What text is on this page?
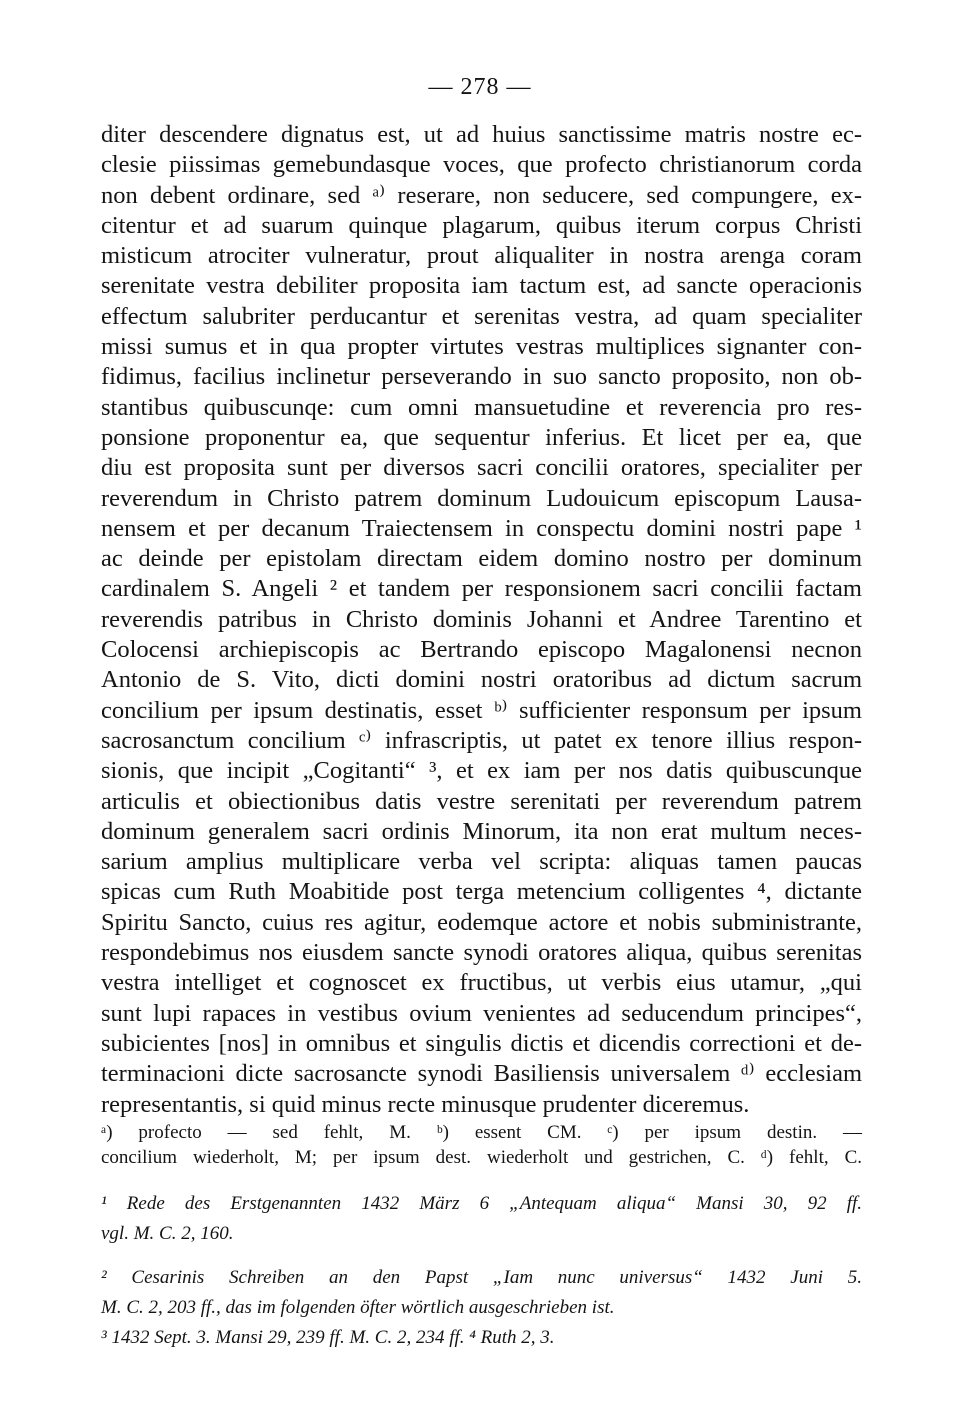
— 278 —
diter descendere dignatus est, ut ad huius sanctissime matris nostre ec-
clesie piissimas gemebundasque voces, que profecto christianorum corda
non debent ordinare, sed ᵃ⁾ reserare, non seducere, sed compungere, ex-
citentur et ad suarum quinque plagarum, quibus iterum corpus Christi
misticum atrociter vulneratur, prout aliqualiter in nostra arenga coram
serenitate vestra debiliter proposita iam tactum est, ad sancte operacionis
effectum salubriter perducantur et serenitas vestra, ad quam specialiter
missi sumus et in qua propter virtutes vestras multiplices signanter con-
fidimus, facilius inclinetur perseverando in suo sancto proposito, non ob-
stantibus quibuscunqe: cum omni mansuetudine et reverencia pro res-
ponsione proponentur ea, que sequentur inferius. Et licet per ea, que
diu est proposita sunt per diversos sacri concilii oratores, specialiter per
reverendum in Christo patrem dominum Ludouicum episcopum Lausa-
nensem et per decanum Traiectensem in conspectu domini nostri pape ¹
ac deinde per epistolam directam eidem domino nostro per dominum
cardinalem S. Angeli ² et tandem per responsionem sacri concilii factam
reverendis patribus in Christo dominis Johanni et Andree Tarentino et
Colocensi archiepiscopis ac Bertrando episcopo Magalonensi necnon
Antonio de S. Vito, dicti domini nostri oratoribus ad dictum sacrum
concilium per ipsum destinatis, esset ᵇ⁾ sufficienter responsum per ipsum
sacrosanctum concilium ᶜ⁾ infrascriptis, ut patet ex tenore illius respon-
sionis, que incipit „Cogitanti“ ³, et ex iam per nos datis quibuscunque
articulis et obiectionibus datis vestre serenitati per reverendum patrem
dominum generalem sacri ordinis Minorum, ita non erat multum neces-
sarium amplius multiplicare verba vel scripta: aliquas tamen paucas
spicas cum Ruth Moabitide post terga metencium colligentes ⁴, dictante
Spiritu Sancto, cuius res agitur, eodemque actore et nobis subministrante,
respondebimus nos eiusdem sancte synodi oratores aliqua, quibus serenitas
vestra intelliget et cognoscet ex fructibus, ut verbis eius utamur, „qui
sunt lupi rapaces in vestibus ovium venientes ad seducendum principes“,
subicientes [nos] in omnibus et singulis dictis et dicendis correctioni et de-
terminacioni dicte sacrosancte synodi Basiliensis universalem ᵈ⁾ ecclesiam
representantis, si quid minus recte minusque prudenter diceremus.
ᵃ) profecto — sed fehlt, M. ᵇ) essent CM. ᶜ) per ipsum destin. —
concilium wiederholt, M; per ipsum dest. wiederholt und gestrichen, C. ᵈ) fehlt, C.
¹ Rede des Erstgenannten 1432 März 6 „Antequam aliqua“ Mansi 30, 92 ff.
vgl. M. C. 2, 160.
² Cesarinis Schreiben an den Papst „Iam nunc universus“ 1432 Juni 5.
M. C. 2, 203 ff., das im folgenden öfter wörtlich ausgeschrieben ist.
³ 1432 Sept. 3. Mansi 29, 239 ff. M. C. 2, 234 ff. ⁴ Ruth 2, 3.
